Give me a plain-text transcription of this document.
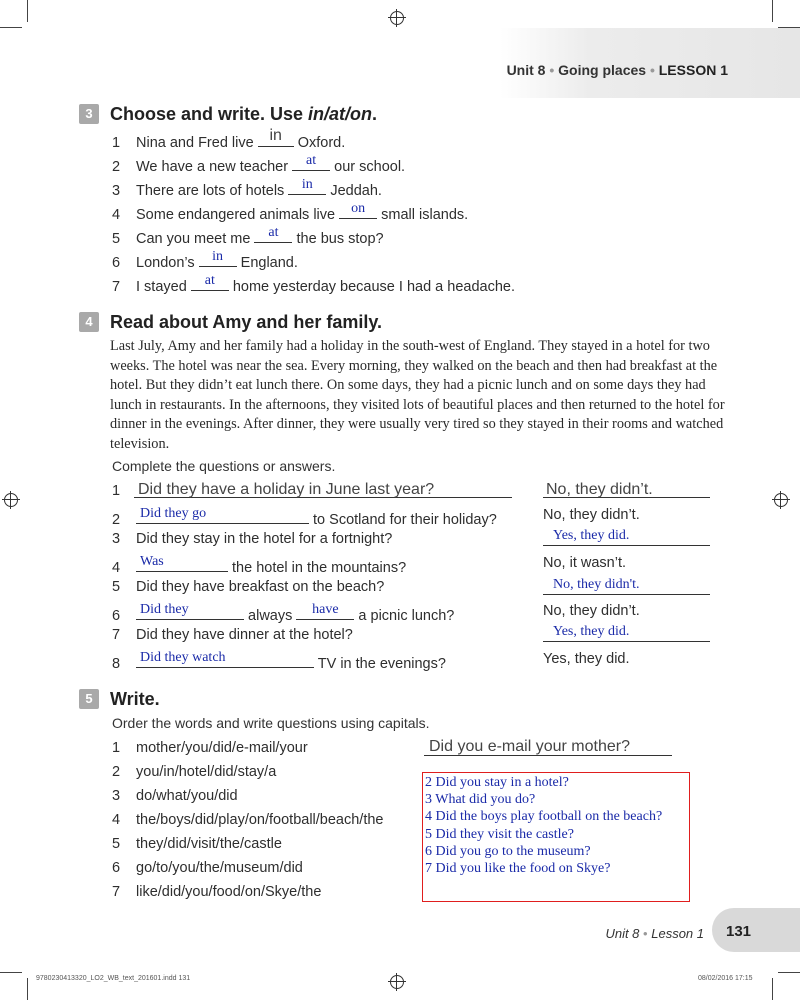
Unit 8 • Going places • LESSON 1
3 Choose and write. Use in/at/on.
1 Nina and Fred live in Oxford.
2 We have a new teacher at our school.
3 There are lots of hotels in Jeddah.
4 Some endangered animals live on small islands.
5 Can you meet me at the bus stop?
6 London’s in England.
7 I stayed at home yesterday because I had a headache.
4 Read about Amy and her family.
Last July, Amy and her family had a holiday in the south-west of England. They stayed in a hotel for two weeks. The hotel was near the sea. Every morning, they walked on the beach and then had breakfast at the hotel. But they didn’t eat lunch there. On some days, they had a picnic lunch and on some days they had lunch in restaurants. In the afternoons, they visited lots of beautiful places and then returned to the hotel for dinner in the evenings. After dinner, they were usually very tired so they stayed in their rooms and watched television.
Complete the questions or answers.
1	Did they have a holiday in June last year?	No, they didn’t.
2 Did they go	to Scotland for their holiday?	No, they didn’t.
3 Did they stay in the hotel for a fortnight?	Yes, they did.
4 Was	the hotel in the mountains?	No, it wasn’t.
5 Did they have breakfast on the beach?	No, they didn't.
6 Did they	always	have	a picnic lunch?	No, they didn’t.
7 Did they have dinner at the hotel?	Yes, they did.
8 Did they watch	TV in the evenings?	Yes, they did.
5 Write.
Order the words and write questions using capitals.
1 mother/you/did/e-mail/your
2 you/in/hotel/did/stay/a
3 do/what/you/did
4 the/boys/did/play/on/football/beach/the
5 they/did/visit/the/castle
6 go/to/you/the/museum/did
7 like/did/you/food/on/Skye/the
Did you e-mail your mother?
2 Did you stay in a hotel?
3 What did you do?
4 Did the boys play football on the beach?
5 Did they visit the castle?
6 Did you go to the museum?
7 Did you like the food on Skye?
Unit 8 • Lesson 1 131
9780230413320_LO2_WB_text_201601.indd 131	08/02/2016 17:15
